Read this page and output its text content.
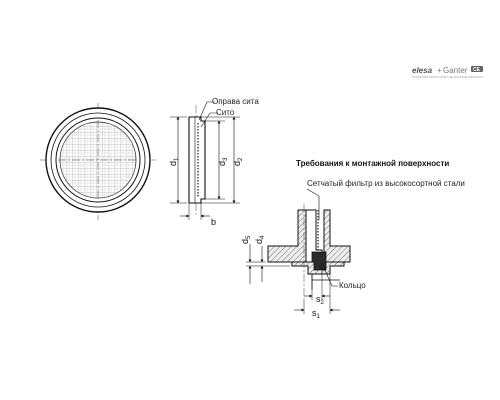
elesa + Ganter
STANDARD PARTS FOR THE MACHINE INDUSTRY
CE
Оправа сита
Сито
$d_1$
$d_3$
$d_2$
b
Требования к монтажной поверхности
Сетчатый фильтр из высокосортной стали
Кольцо
$d_5$
$d_4$
$s_2$
$s_1$
